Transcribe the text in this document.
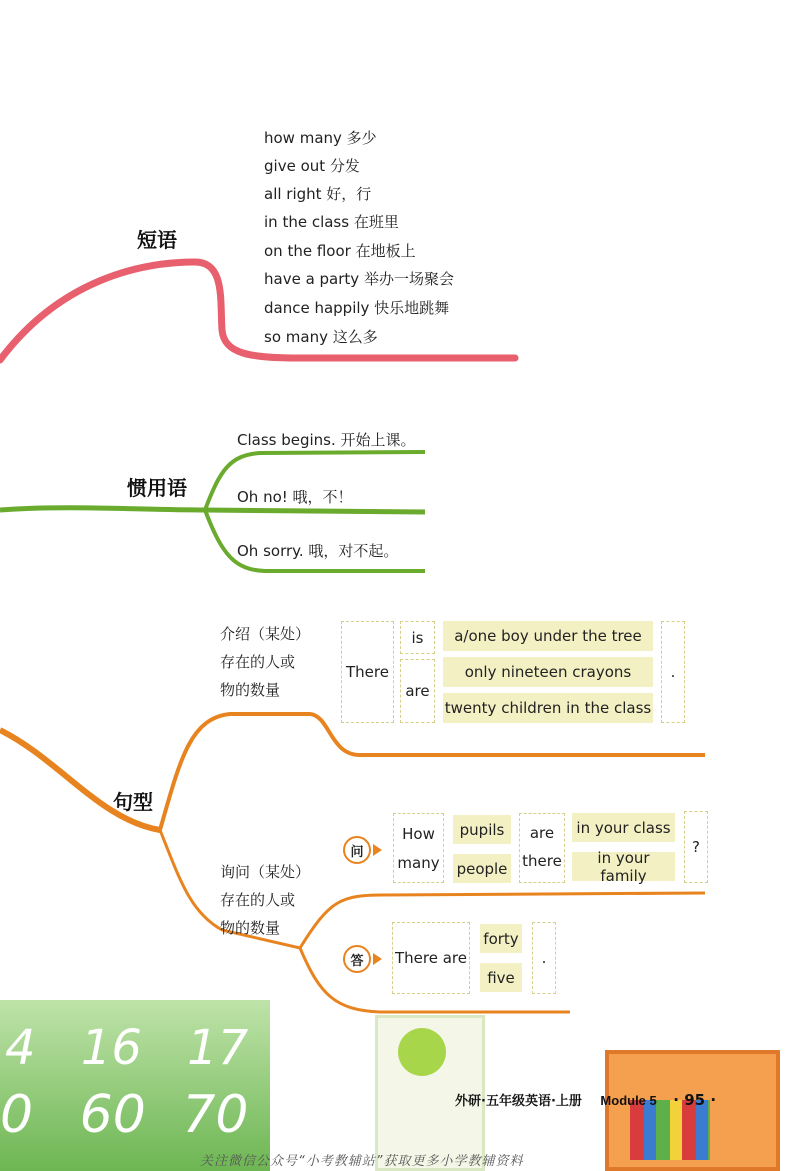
4 16 17
0 60 70
短语
how many 多少
give out 分发
all right 好，行
in the class 在班里
on the floor 在地板上
have a party 举办一场聚会
dance happily 快乐地跳舞
so many 这么多
惯用语
Class begins. 开始上课。
Oh no! 哦，不！
Oh sorry. 哦，对不起。
句型
介绍（某处）
存在的人或
物的数量
There
is
are
a/one boy under the tree
only nineteen crayons
twenty children in the class
.
询问（某处）
存在的人或
物的数量
问
How
many
pupils
people
are
there
in your class
in your family
?
答	There are
forty
five
.
外研·五年级英语·上册 Module 5 · 95 ·
关注微信公众号“小考教辅站”获取更多小学教辅资料
